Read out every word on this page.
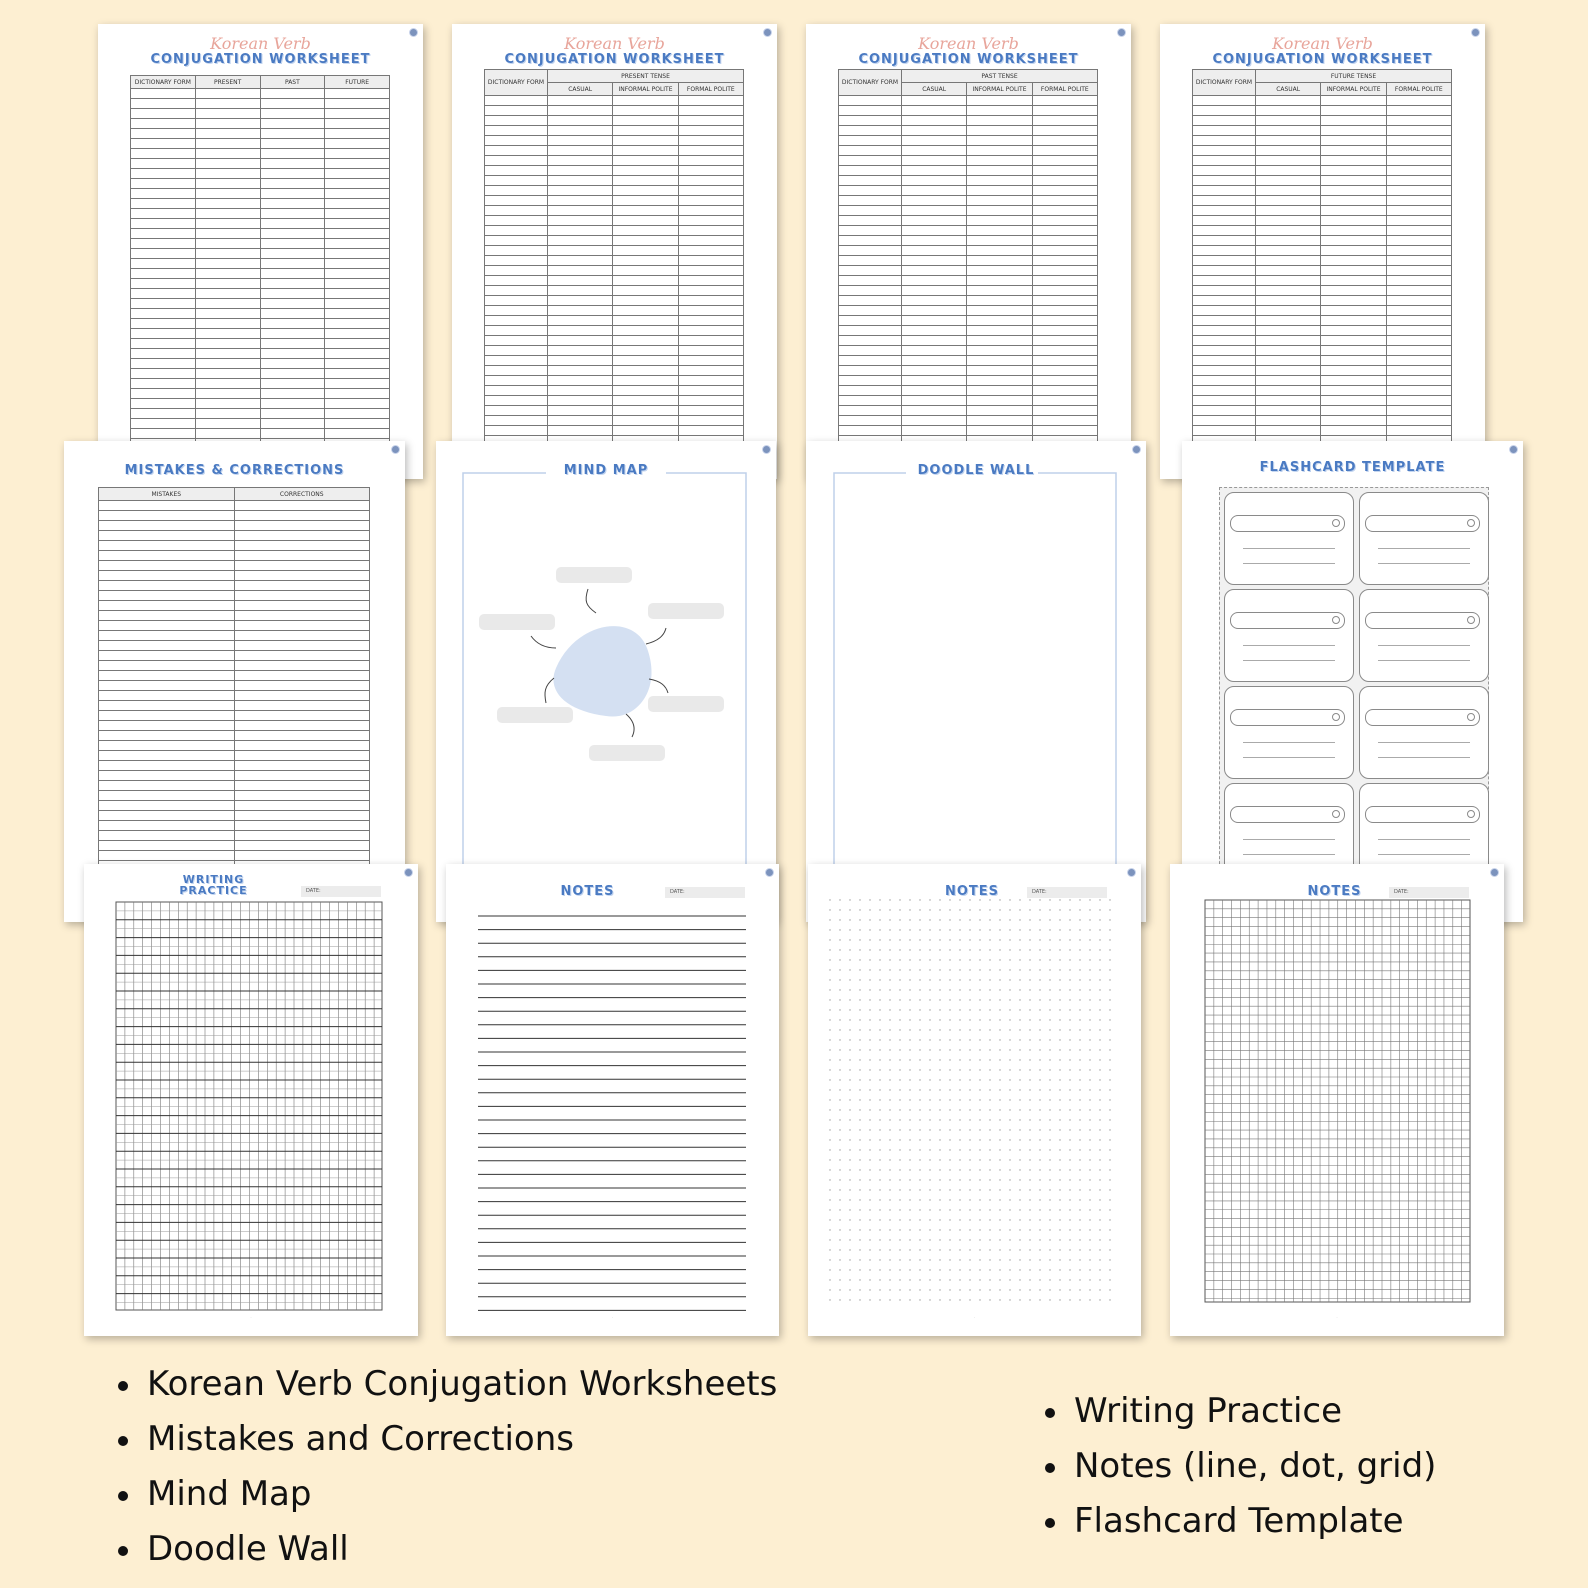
Korean Verb
CONJUGATION WORKSHEET
DICTIONARY FORM	PRESENT	PAST	FUTURE

Korean Verb
CONJUGATION WORKSHEET
DICTIONARY FORM	PRESENT TENSE		
	CASUAL	INFORMAL POLITE	FORMAL POLITE

Korean Verb
CONJUGATION WORKSHEET
DICTIONARY FORM	PAST TENSE		
	CASUAL	INFORMAL POLITE	FORMAL POLITE

Korean Verb
CONJUGATION WORKSHEET
DICTIONARY FORM	FUTURE TENSE		
	CASUAL	INFORMAL POLITE	FORMAL POLITE

MISTAKES & CORRECTIONS
MISTAKES	CORRECTIONS

MIND MAP	DOODLE WALL	FLASHCARD TEMPLATE
WRITING
PRACTICE	DATE:
·
NOTES	DATE:
·
NOTES	DATE:
·
NOTES	DATE:
·
Korean Verb Conjugation Worksheets
Mistakes and Corrections
Mind Map
Doodle Wall
Writing Practice
Notes (line, dot, grid)
Flashcard Template
